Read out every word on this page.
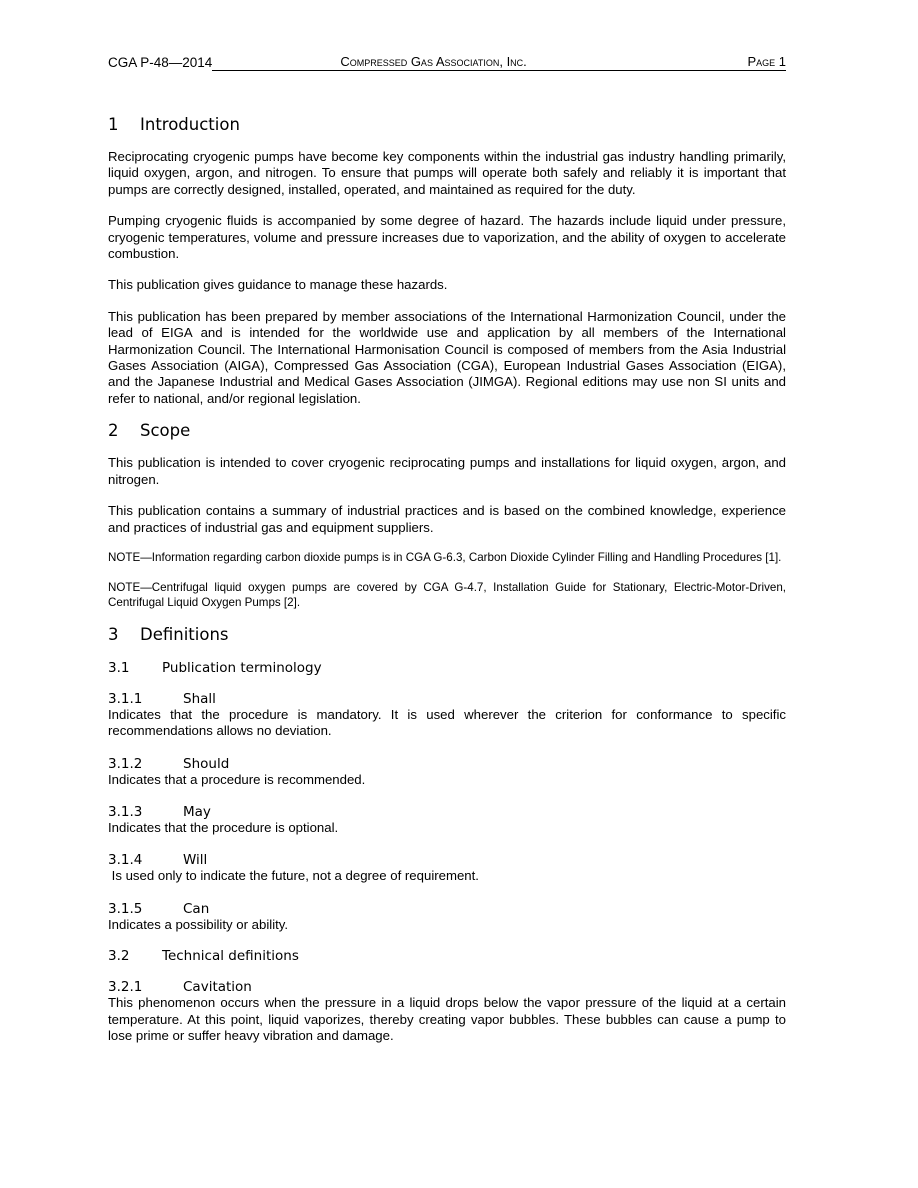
CGA P-48—2014	Compressed Gas Association, Inc.	Page 1
1	Introduction

Reciprocating cryogenic pumps have become key components within the industrial gas industry handling primarily, liquid oxygen, argon, and nitrogen. To ensure that pumps will operate both safely and reliably it is important that pumps are correctly designed, installed, operated, and maintained as required for the duty.

Pumping cryogenic fluids is accompanied by some degree of hazard. The hazards include liquid under pressure, cryogenic temperatures, volume and pressure increases due to vaporization, and the ability of oxygen to accelerate combustion.

This publication gives guidance to manage these hazards.

This publication has been prepared by member associations of the International Harmonization Council, under the lead of EIGA and is intended for the worldwide use and application by all members of the International Harmonization Council. The International Harmonisation Council is composed of members from the Asia Industrial Gases Association (AIGA), Compressed Gas Association (CGA), European Industrial Gases Association (EIGA), and the Japanese Industrial and Medical Gases Association (JIMGA). Regional editions may use non SI units and refer to national, and/or regional legislation.

2	Scope

This publication is intended to cover cryogenic reciprocating pumps and installations for liquid oxygen, argon, and nitrogen.

This publication contains a summary of industrial practices and is based on the combined knowledge, experience and practices of industrial gas and equipment suppliers.

NOTE—Information regarding carbon dioxide pumps is in CGA G-6.3, Carbon Dioxide Cylinder Filling and Handling Procedures [1].

NOTE—Centrifugal liquid oxygen pumps are covered by CGA G-4.7, Installation Guide for Stationary, Electric-Motor-Driven, Centrifugal Liquid Oxygen Pumps [2].

3	Definitions
3.1	Publication terminology
3.1.1	Shall

Indicates that the procedure is mandatory. It is used wherever the criterion for conformance to specific recommendations allows no deviation.

3.1.2	Should

Indicates that a procedure is recommended.

3.1.3	May

Indicates that the procedure is optional.

3.1.4	Will

Is used only to indicate the future, not a degree of requirement.

3.1.5	Can

Indicates a possibility or ability.

3.2	Technical definitions
3.2.1	Cavitation

This phenomenon occurs when the pressure in a liquid drops below the vapor pressure of the liquid at a certain temperature. At this point, liquid vaporizes, thereby creating vapor bubbles. These bubbles can cause a pump to lose prime or suffer heavy vibration and damage.
